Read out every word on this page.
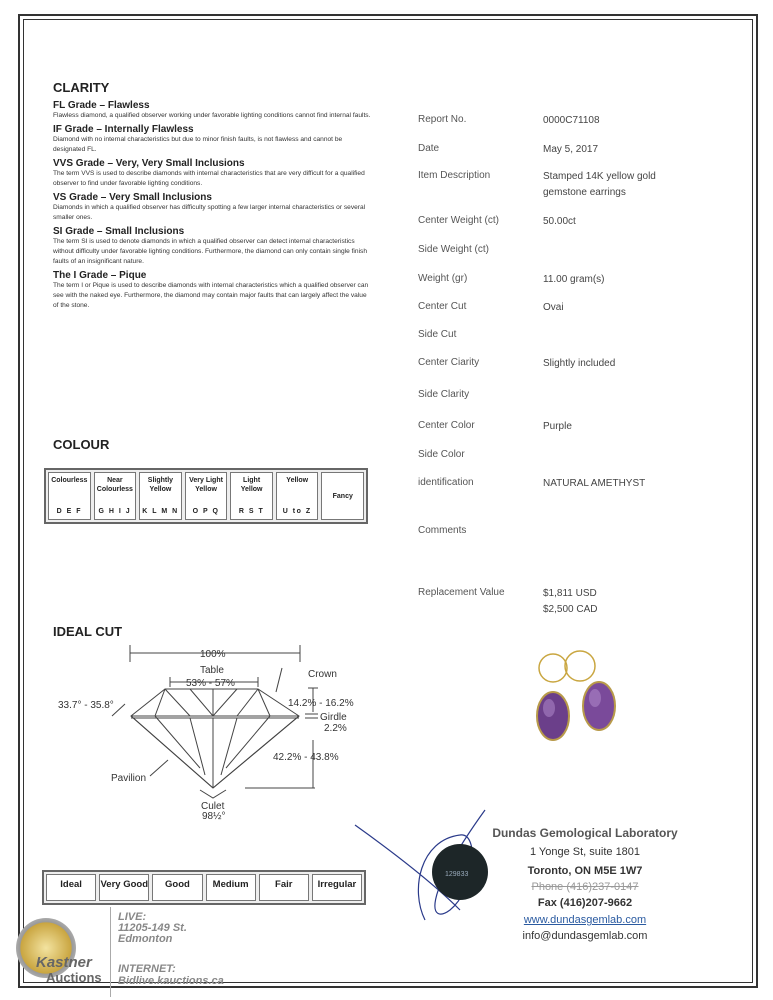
CLARITY
FL Grade – Flawless

Flawless diamond, a qualified observer working under favorable lighting conditions cannot find internal faults.

IF Grade – Internally Flawless

Diamond with no internal characteristics but due to minor finish faults, is not flawless and cannot be designated FL.

VVS Grade – Very, Very Small Inclusions

The term VVS is used to describe diamonds with internal characteristics that are very difficult for a qualified observer to find under favorable lighting conditions.

VS Grade – Very Small Inclusions

Diamonds in which a qualified observer has difficulty spotting a few larger internal characteristics or several smaller ones.

SI Grade – Small Inclusions

The term SI is used to denote diamonds in which a qualified observer can detect internal characteristics without difficulty under favorable lighting conditions. Furthermore, the diamond can only contain single finish faults of an insignificant nature.

The I Grade – Pique

The term I or Pique is used to describe diamonds with internal characteristics which a qualified observer can see with the naked eye. Furthermore, the diamond may contain major faults that can largely affect the value of the stone.

COLOUR
Colourless
D E F
Near Colourless
G H I J
Slightly Yellow
K L M N
Very Light Yellow
O P Q
Light Yellow
R S T
Yellow
U to Z
Fancy
IDEAL CUT
100%
Table
53% - 57%
Crown
33.7° - 35.8°	14.2% - 16.2%
Girdle
2.2%
42.2% - 43.8%
Pavilion
Culet
98½°
Ideal	Very Good	Good	Medium	Fair	Irregular
Report No.	0000C71108
Date	May 5, 2017
Item Description	Stamped 14K yellow gold
gemstone earrings
Center Weight (ct)	50.00ct
Side Weight (ct)
Weight (gr)	11.00 gram(s)
Center Cut	Ovai
Side Cut
Center Ciarity	Slightly included
Side Clarity
Center Color	Purple
Side Color
identification	NATURAL AMETHYST
Comments
Replacement Value	$1,811 USD
$2,500 CAD
129833
Dundas Gemological Laboratory
1 Yonge St, suite 1801
Toronto, ON M5E 1W7
Phone (416)237-0147
Fax (416)207-9662
www.dundasgemlab.com
info@dundasgemlab.com
Kastner
Auctions
LIVE:
11205-149 St.
Edmonton
INTERNET:
Bidlive.kauctions.ca
